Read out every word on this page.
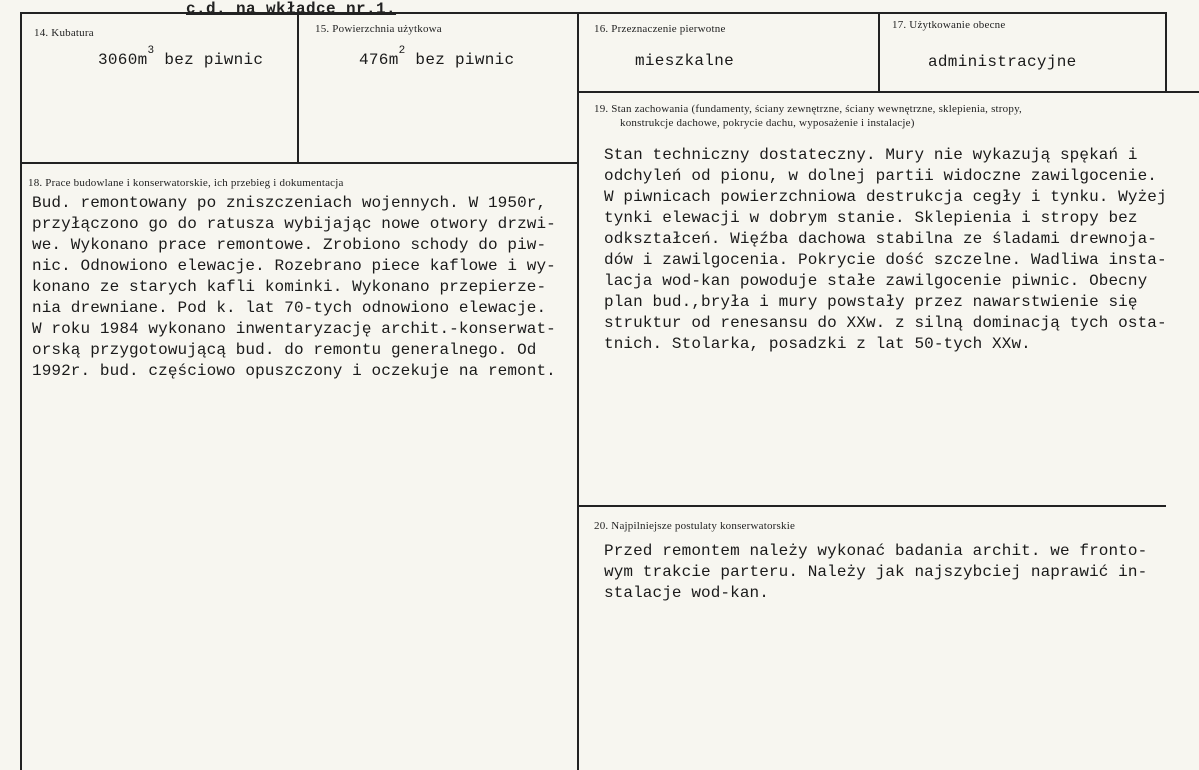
c.d. na wkładce nr.1.
14. Kubatura
$3060m^3$ bez piwnic
15. Powierzchnia użytkowa
$476m^2$ bez piwnic
16. Przeznaczenie pierwotne
mieszkalne
17. Użytkowanie obecne
administracyjne
19. Stan zachowania (fundamenty, ściany zewnętrzne, ściany wewnętrzne, sklepienia, stropy,
konstrukcje dachowe, pokrycie dachu, wyposażenie i instalacje)
Stan techniczny dostateczny. Mury nie wykazują spękań i
odchyleń od pionu, w dolnej partii widoczne zawilgocenie.
W piwnicach powierzchniowa destrukcja cegły i tynku. Wyżej
tynki elewacji w dobrym stanie. Sklepienia i stropy bez
odkształceń. Więźba dachowa stabilna ze śladami drewnoja-
dów i zawilgocenia. Pokrycie dość szczelne. Wadliwa insta-
lacja wod-kan powoduje stałe zawilgocenie piwnic. Obecny
plan bud.,bryła i mury powstały przez nawarstwienie się
struktur od renesansu do XXw. z silną dominacją tych osta-
tnich. Stolarka, posadzki z lat 50-tych XXw.
18. Prace budowlane i konserwatorskie, ich przebieg i dokumentacja
Bud. remontowany po zniszczeniach wojennych. W 1950r,
przyłączono go do ratusza wybijając nowe otwory drzwi-
we. Wykonano prace remontowe. Zrobiono schody do piw-
nic. Odnowiono elewacje. Rozebrano piece kaflowe i wy-
konano ze starych kafli kominki. Wykonano przepierze-
nia drewniane. Pod k. lat 70-tych odnowiono elewacje.
W roku 1984 wykonano inwentaryzację archit.-konserwat-
orską przygotowującą bud. do remontu generalnego. Od
1992r. bud. częściowo opuszczony i oczekuje na remont.
20. Najpilniejsze postulaty konserwatorskie
Przed remontem należy wykonać badania archit. we fronto-
wym trakcie parteru. Należy jak najszybciej naprawić in-
stalacje wod-kan.
